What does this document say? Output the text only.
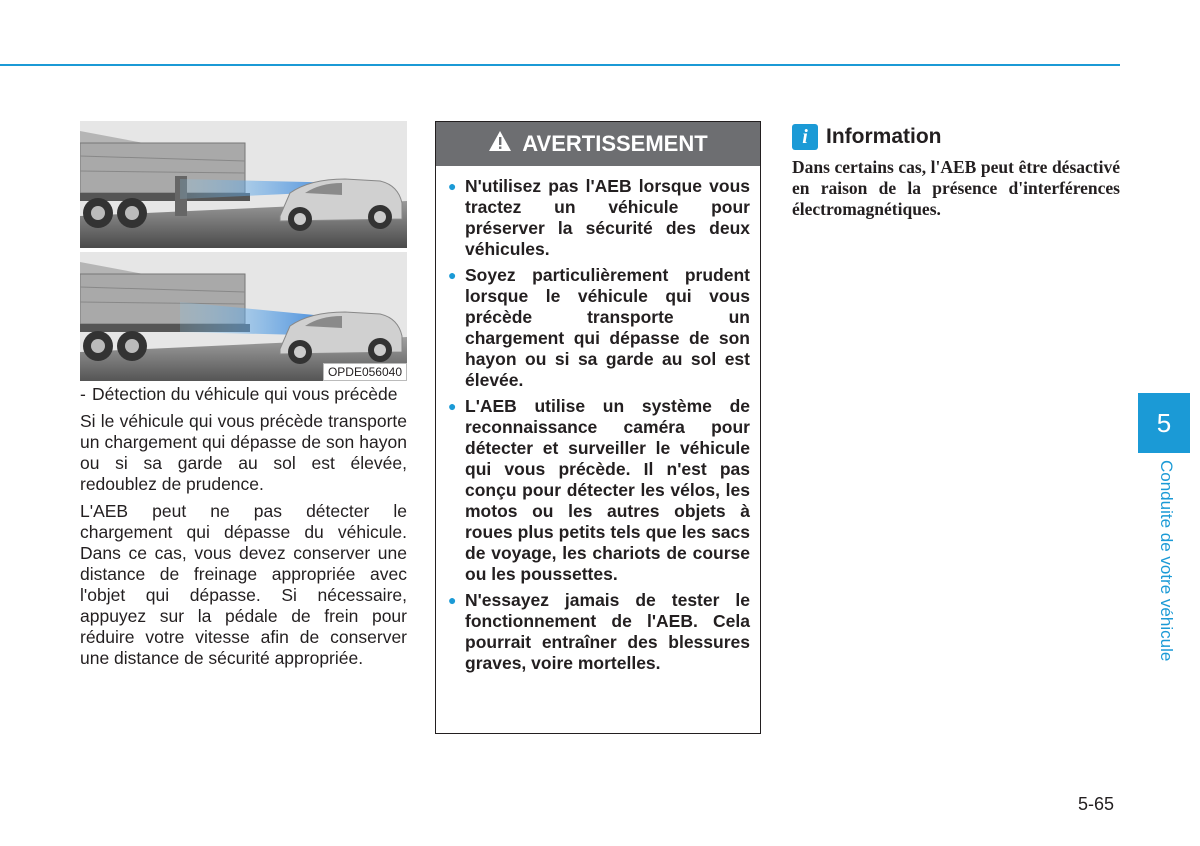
OPDE056040

- Détection du véhicule qui vous précède

Si le véhicule qui vous précède transporte un chargement qui dépasse de son hayon ou si sa garde au sol est élevée, redoublez de prudence.

L'AEB peut ne pas détecter le chargement qui dépasse du véhicule. Dans ce cas, vous devez conserver une distance de freinage appropriée avec l'objet qui dépasse. Si nécessaire, appuyez sur la pédale de frein pour réduire votre vitesse afin de conserver une distance de sécurité appropriée.

AVERTISSEMENT
● N'utilisez pas l'AEB lorsque vous tractez un véhicule pour préserver la sécurité des deux véhicules.
● Soyez particulièrement prudent lorsque le véhicule qui vous précède transporte un chargement qui dépasse de son hayon ou si sa garde au sol est élevée.
● L'AEB utilise un système de reconnaissance caméra pour détecter et surveiller le véhicule qui vous précède. Il n'est pas conçu pour détecter les vélos, les motos ou les autres objets à roues plus petits tels que les sacs de voyage, les chariots de course ou les poussettes.
● N'essayez jamais de tester le fonctionnement de l'AEB. Cela pourrait entraîner des blessures graves, voire mortelles.
i Information

Dans certains cas, l'AEB peut être désactivé en raison de la présence d'interférences électromagnétiques.

5
Conduite de votre véhicule
5-65
